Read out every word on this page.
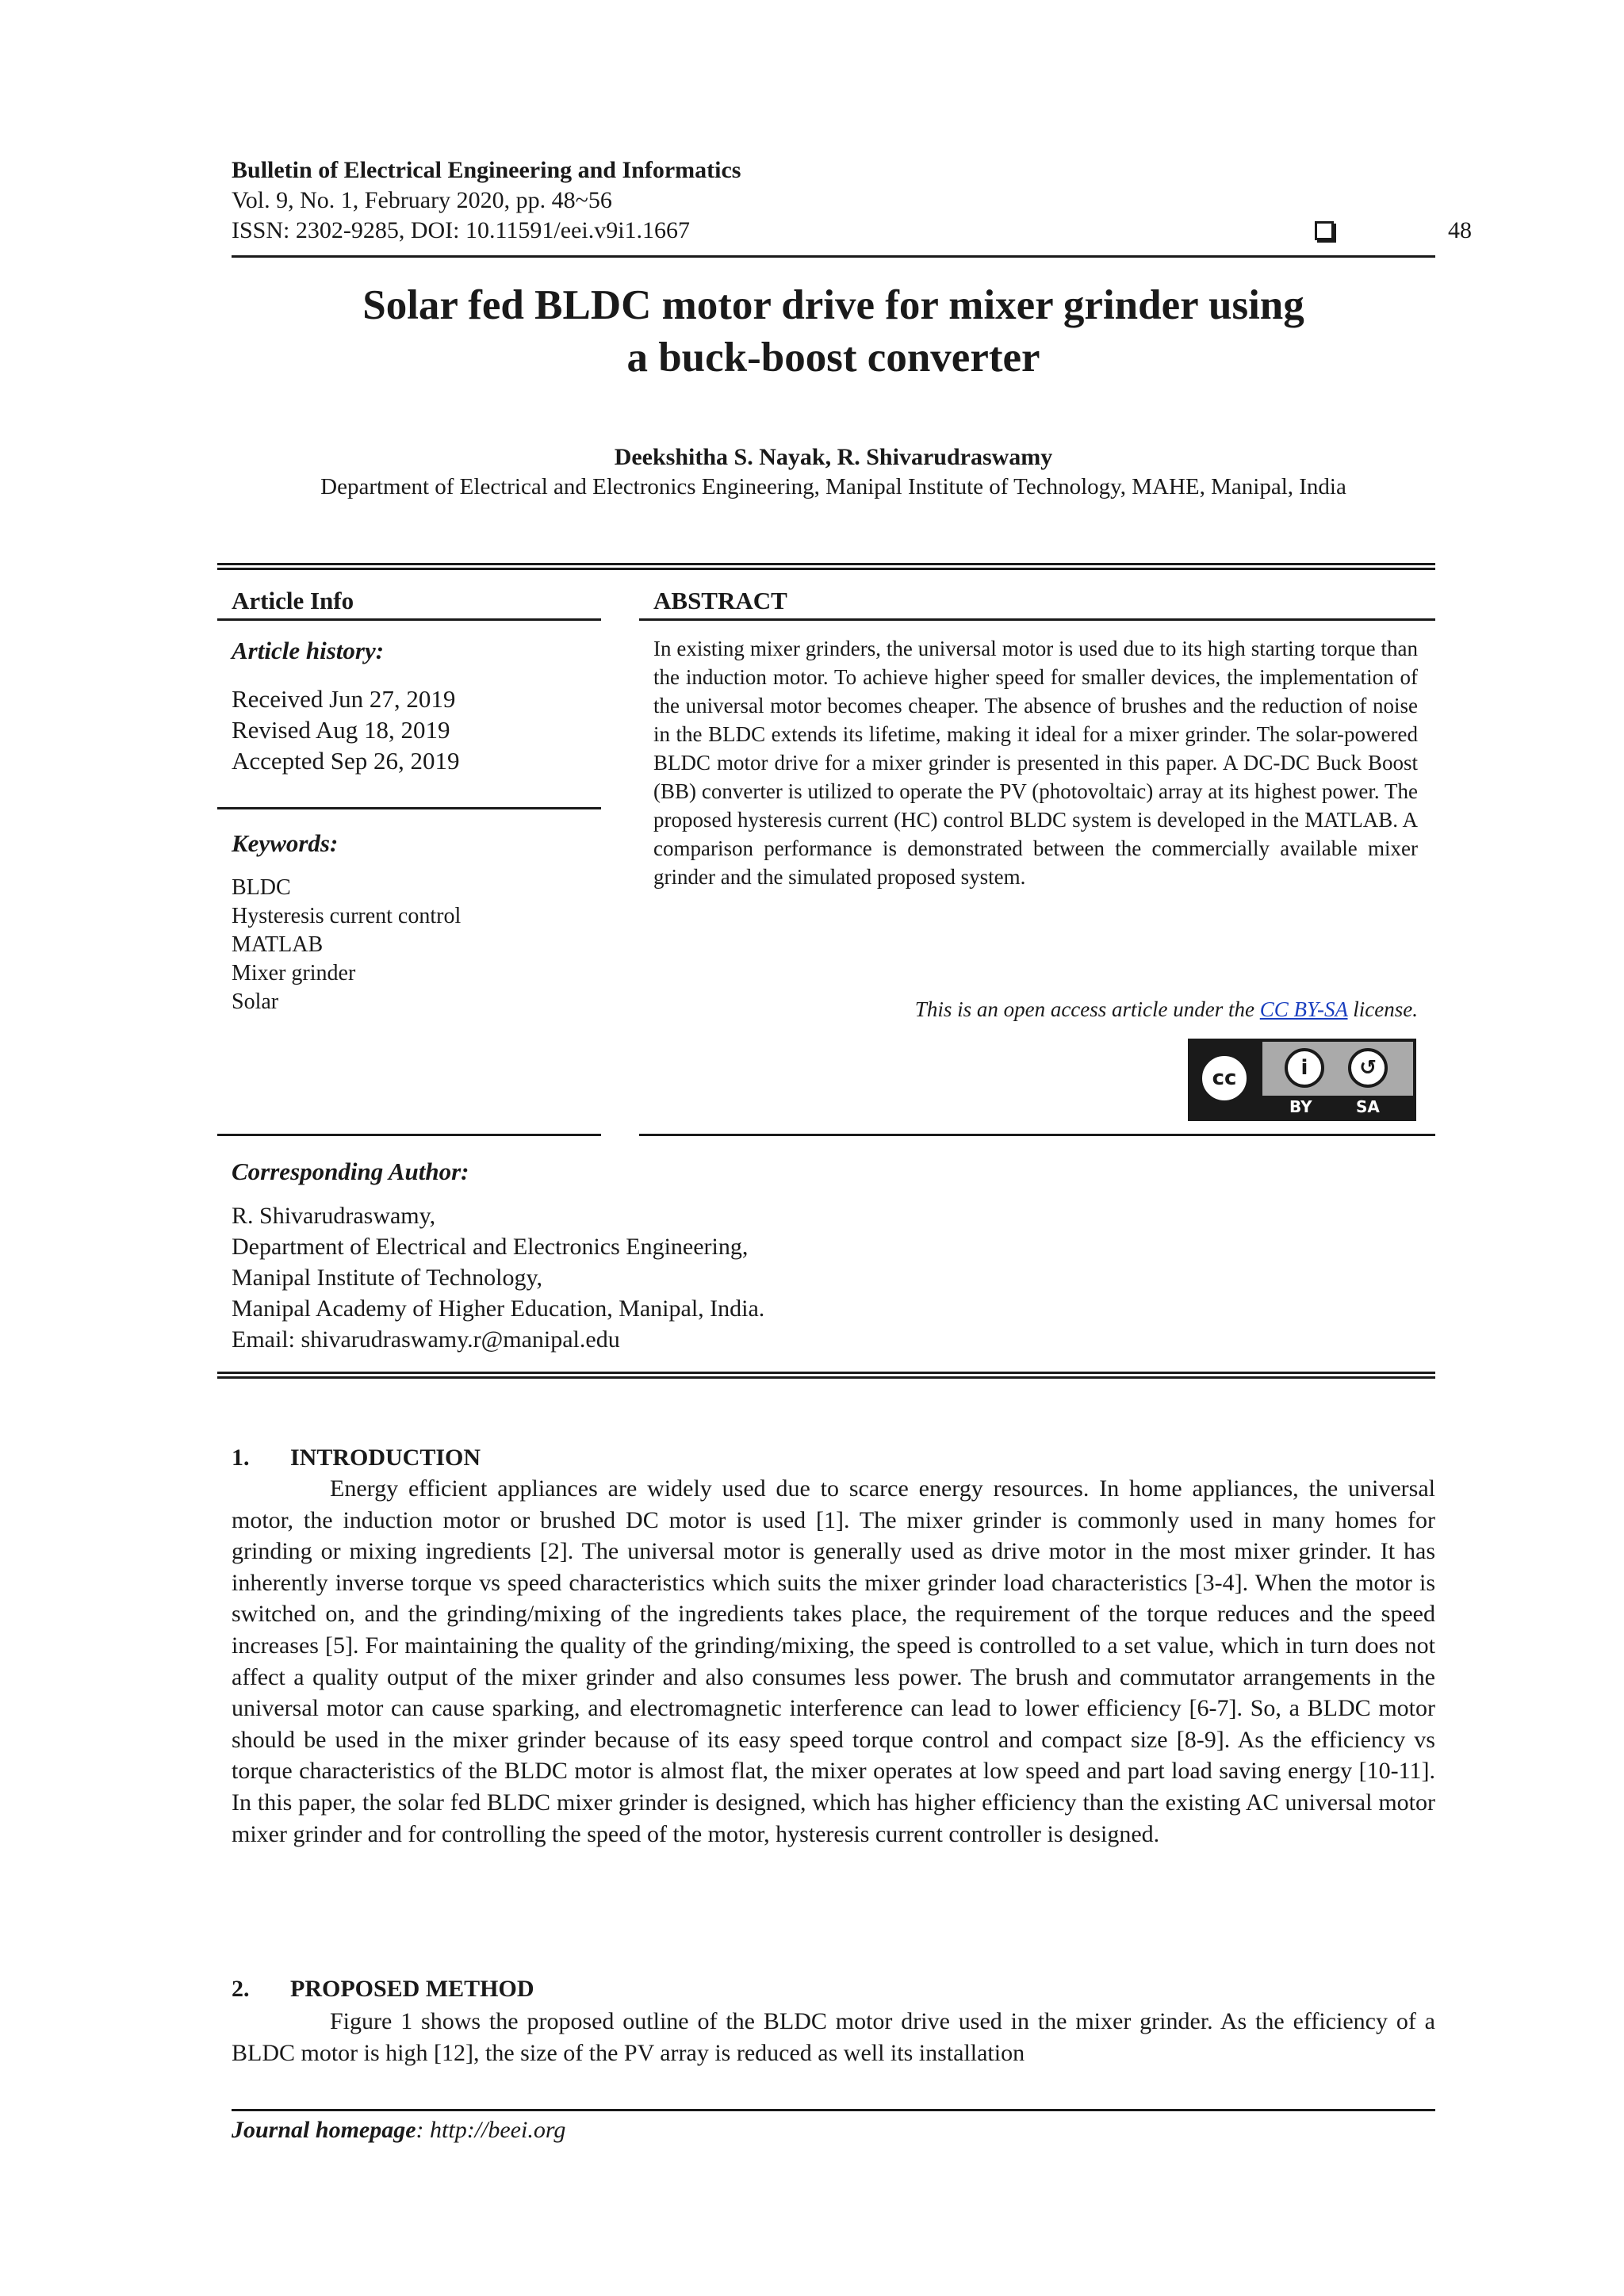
Bulletin of Electrical Engineering and Informatics
Vol. 9, No. 1, February 2020, pp. 48~56
ISSN: 2302-9285, DOI: 10.11591/eei.v9i1.1667	48
Solar fed BLDC motor drive for mixer grinder using
a buck-boost converter
Deekshitha S. Nayak, R. Shivarudraswamy
Department of Electrical and Electronics Engineering, Manipal Institute of Technology, MAHE, Manipal, India
Article Info
Article history:
Received Jun 27, 2019
Revised Aug 18, 2019
Accepted Sep 26, 2019
Keywords:
BLDC
Hysteresis current control
MATLAB
Mixer grinder
Solar
ABSTRACT
In existing mixer grinders, the universal motor is used due to its high starting torque than the induction motor. To achieve higher speed for smaller devices, the implementation of the universal motor becomes cheaper. The absence of brushes and the reduction of noise in the BLDC extends its lifetime, making it ideal for a mixer grinder. The solar-powered BLDC motor drive for a mixer grinder is presented in this paper. A DC-DC Buck Boost (BB) converter is utilized to operate the PV (photovoltaic) array at its highest power. The proposed hysteresis current (HC) control BLDC system is developed in the MATLAB. A comparison performance is demonstrated between the commercially available mixer grinder and the simulated proposed system.
This is an open access article under the CC BY-SA license.
cc	i	↺
BY	SA
Corresponding Author:
R. Shivarudraswamy,
Department of Electrical and Electronics Engineering,
Manipal Institute of Technology,
Manipal Academy of Higher Education, Manipal, India.
Email: shivarudraswamy.r@manipal.edu
1. INTRODUCTION
Energy efficient appliances are widely used due to scarce energy resources. In home appliances, the universal motor, the induction motor or brushed DC motor is used [1]. The mixer grinder is commonly used in many homes for grinding or mixing ingredients [2]. The universal motor is generally used as drive motor in the most mixer grinder. It has inherently inverse torque vs speed characteristics which suits the mixer grinder load characteristics [3-4]. When the motor is switched on, and the grinding/mixing of the ingredients takes place, the requirement of the torque reduces and the speed increases [5]. For maintaining the quality of the grinding/mixing, the speed is controlled to a set value, which in turn does not affect a quality output of the mixer grinder and also consumes less power. The brush and commutator arrangements in the universal motor can cause sparking, and electromagnetic interference can lead to lower efficiency [6-7]. So, a BLDC motor should be used in the mixer grinder because of its easy speed torque control and compact size [8-9]. As the efficiency vs torque characteristics of the BLDC motor is almost flat, the mixer operates at low speed and part load saving energy [10-11]. In this paper, the solar fed BLDC mixer grinder is designed, which has higher efficiency than the existing AC universal motor mixer grinder and for controlling the speed of the motor, hysteresis current controller is designed.
2. PROPOSED METHOD
Figure 1 shows the proposed outline of the BLDC motor drive used in the mixer grinder. As the efficiency of a BLDC motor is high [12], the size of the PV array is reduced as well its installation
Journal homepage: http://beei.org
